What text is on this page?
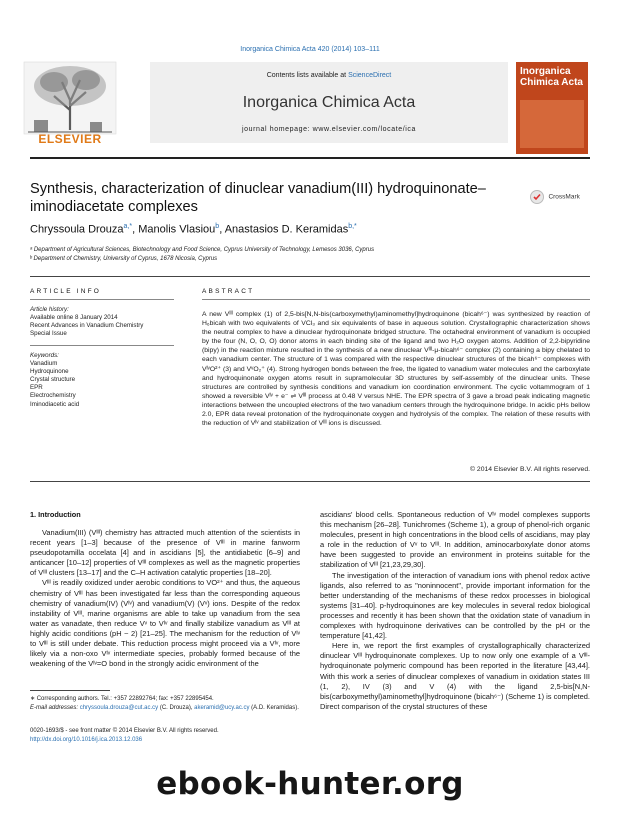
Inorganica Chimica Acta 420 (2014) 103–111
ELSEVIER
Contents lists available at ScienceDirect
Inorganica Chimica Acta
journal homepage: www.elsevier.com/locate/ica
Inorganica Chimica Acta
Synthesis, characterization of dinuclear vanadium(III) hydroquinonate–iminodiacetate complexes
CrossMark
Chryssoula Drouza$^{a,*}$, Manolis Vlasiou$^b$, Anastasios D. Keramidas$^{b,*}$
ᵃ Department of Agricultural Sciences, Biotechnology and Food Science, Cyprus University of Technology, Lemesos 3036, Cyprus
ᵇ Department of Chemistry, University of Cyprus, 1678 Nicosia, Cyprus
ARTICLE INFO
Article history:
Available online 8 January 2014
Recent Advances in Vanadium Chemistry
Special Issue
Keywords:
Vanadium
Hydroquinone
Crystal structure
EPR
Electrochemistry
Iminodiacetic acid
ABSTRACT
A new Vᴵᴵᴵ complex (1) of 2,5-bis[N,N-bis(carboxymethyl)aminomethyl]hydroquinone (bicah⁶⁻) was synthesized by reaction of H₆bicah with two equivalents of VCl₃ and six equivalents of base in aqueous solution. Crystallographic characterization shows the neutral complex to have a dinuclear hydroquinonate bridged structure. The octahedral environment of vanadium is occupied by the four (N, O, O, O) donor atoms in each binding site of the ligand and two H₂O oxygen atoms. Addition of 2,2-bipyridine (bipy) in the reaction mixture resulted in the synthesis of a new dinuclear Vᴵᴵᴵ-μ-bicah⁶⁻ complex (2) containing a bipy chelated to each vanadium center. The structure of 1 was compared with the respective dinuclear structures of the bicah⁶⁻ complexes with VᴵᵛO²⁺ (3) and VᵛO₂⁺ (4). Strong hydrogen bonds between the free, the ligated to vanadium water molecules and the carboxylate and hydroquinonate oxygen atoms result in supramolecular 3D structures by self-assembly of the dinuclear units. These structures are controlled by synthesis conditions and vanadium ion coordination environment. The cyclic voltammogram of 1 showed a reversible Vᴵᵛ + e⁻ ⇌ Vᴵᴵᴵ process at 0.48 V versus NHE. The EPR spectra of 3 gave a broad peak indicating magnetic interactions between the uncoupled electrons of the two vanadium centers through the hydroquinone bridge. In acidic pHs bellow 2.0, EPR data reveal protonation of the hydroquinonate oxygen and hydrolysis of the complex. The relation of these results with the reduction of Vᴵᵛ and stabilization of Vᴵᴵᴵ ions is discussed.
© 2014 Elsevier B.V. All rights reserved.
1. Introduction

Vanadium(III) (Vᴵᴵᴵ) chemistry has attracted much attention of the scientists in recent years [1–3] because of the presence of Vᴵᴵᴵ in marine fanworm pseudopotamilla occelata [4] and in ascidians [5], the antidiabetic [6–9] and anticancer [10–12] properties of Vᴵᴵᴵ complexes as well as the magnetic properties of Vᴵᴵᴵ clusters [13–17] and the C–H activation catalytic properties [18–20].

Vᴵᴵᴵ is readily oxidized under aerobic conditions to VO²⁺ and thus, the aqueous chemistry of Vᴵᴵᴵ has been investigated far less than the corresponding aqueous chemistry of vanadium(IV) (Vᴵᵛ) and vanadium(V) (Vᵛ) ions. Despite of the redox instability of Vᴵᴵᴵ, marine organisms are able to take up vanadium from the sea water as vanadate, then reduce Vᵛ to Vᴵᵛ and finally stabilize vanadium as Vᴵᴵᴵ at highly acidic conditions (pH ~ 2) [21–25]. The mechanism for the reduction of Vᴵᵛ to Vᴵᴵᴵ is still under debate. This reduction process might proceed via a Vᴵᵛ, more likely via a non-oxo Vᴵᵛ intermediate species, probably formed because of the weakening of the Vᴵᵛ=O bond in the strongly acidic environment of the

ascidians' blood cells. Spontaneous reduction of Vᴵᵛ model complexes supports this mechanism [26–28]. Tunichromes (Scheme 1), a group of phenol-rich organic molecules, present in high concentrations in the blood cells of ascidians, may play a role in the reduction of Vᵛ to Vᴵᴵᴵ. In addition, aminocarboxylate donor atoms have been suggested to provide an environment in proteins suitable for the stabilization of Vᴵᴵᴵ [21,23,29,30].

The investigation of the interaction of vanadium ions with phenol redox active ligands, also referred to as "noninnocent", provide important information for the better understanding of the mechanisms of these redox processes in biological systems [31–40]. p-hydroquinones are key molecules in several redox biological processes and recently it has been shown that the oxidation state of vanadium in complexes with hydroquinone derivatives can be controlled by the pH or the temperature [41,42].

Here in, we report the first examples of crystallographically characterized dinuclear Vᴵᴵᴵ hydroquinonate complexes. Up to now only one example of a Vᴵᴵᴵ-hydroquinonate polymeric compound has been reported in the literature [43,44]. With this work a series of dinuclear complexes of vanadium in oxidation states III (1, 2), IV (3) and V (4) with the ligand 2,5-bis[N,N-bis(carboxymethyl)aminomethyl]hydroquinone (bicah⁶⁻) (Scheme 1) is completed. Direct comparison of the crystal structures of these

∗ Corresponding authors. Tel.: +357 22892764; fax: +357 22895454.
E-mail addresses: chryssoula.drouza@cut.ac.cy (C. Drouza), akeramid@ucy.ac.cy (A.D. Keramidas).
0020-1693/$ - see front matter © 2014 Elsevier B.V. All rights reserved.
http://dx.doi.org/10.1016/j.ica.2013.12.036
ebook-hunter.org
